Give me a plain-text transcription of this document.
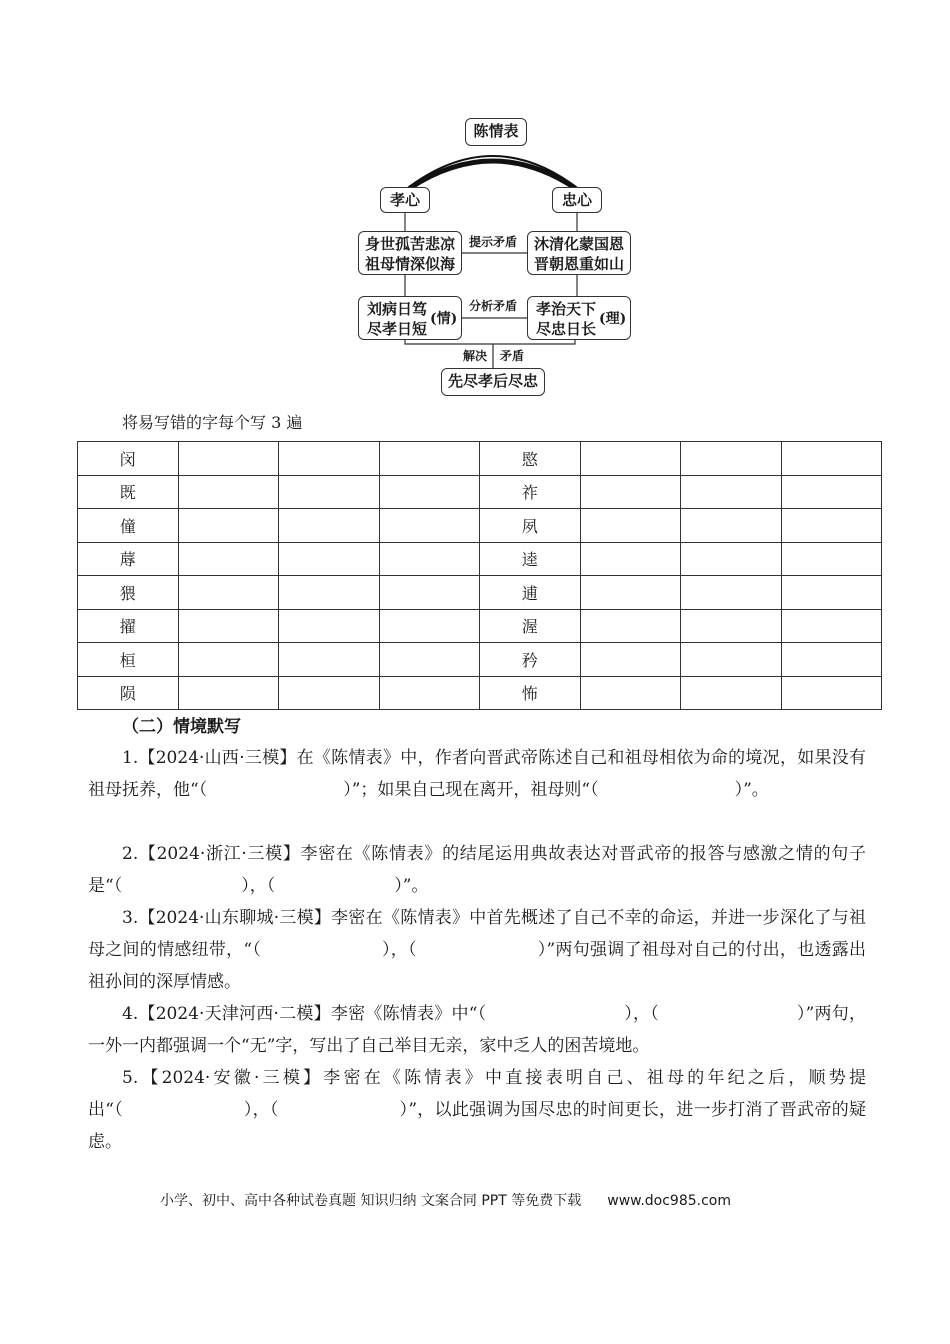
陈情表
孝心	忠心
身世孤苦悲凉
祖母情深似海
沐清化蒙国恩
晋朝恩重如山
提示矛盾
刘病日笃
尽孝日短
(情)
孝治天下
尽忠日长
(理)
分析矛盾
解决 矛盾
先尽孝后尽忠
将易写错的字每个写 3 遍
闵				愍			
既				祚			
僮				夙			
蓐				逵			
猥				逋			
擢				渥			
桓				矜			
陨				怖			
（二）情境默写

1.【2024·山西·三模】在《陈情表》中，作者向晋武帝陈述自己和祖母相依为命的境况，如果没有祖母抚养，他“（　　　　　　　　）”；如果自己现在离开，祖母则“（　　　　　　　　）”。

2.【2024·浙江·三模】李密在《陈情表》的结尾运用典故表达对晋武帝的报答与感激之情的句子是“（　　　　　　　），（　　　　　　　）”。

3.【2024·山东聊城·三模】李密在《陈情表》中首先概述了自己不幸的命运，并进一步深化了与祖母之间的情感纽带，“（　　　　　　　），（　　　　　　　）”两句强调了祖母对自己的付出，也透露出祖孙间的深厚情感。

4.【2024·天津河西·二模】李密《陈情表》中“（　　　　　　　　），（　　　　　　　　）”两句，一外一内都强调一个“无”字，写出了自己举目无亲，家中乏人的困苦境地。

5.【2024·安徽·三模】李密在《陈情表》中直接表明自己、祖母的年纪之后，顺势提出“（　　　　　　　），（　　　　　　　）”，以此强调为国尽忠的时间更长，进一步打消了晋武帝的疑虑。

小学、初中、高中各种试卷真题 知识归纳 文案合同 PPT 等免费下载 www.doc985.com
